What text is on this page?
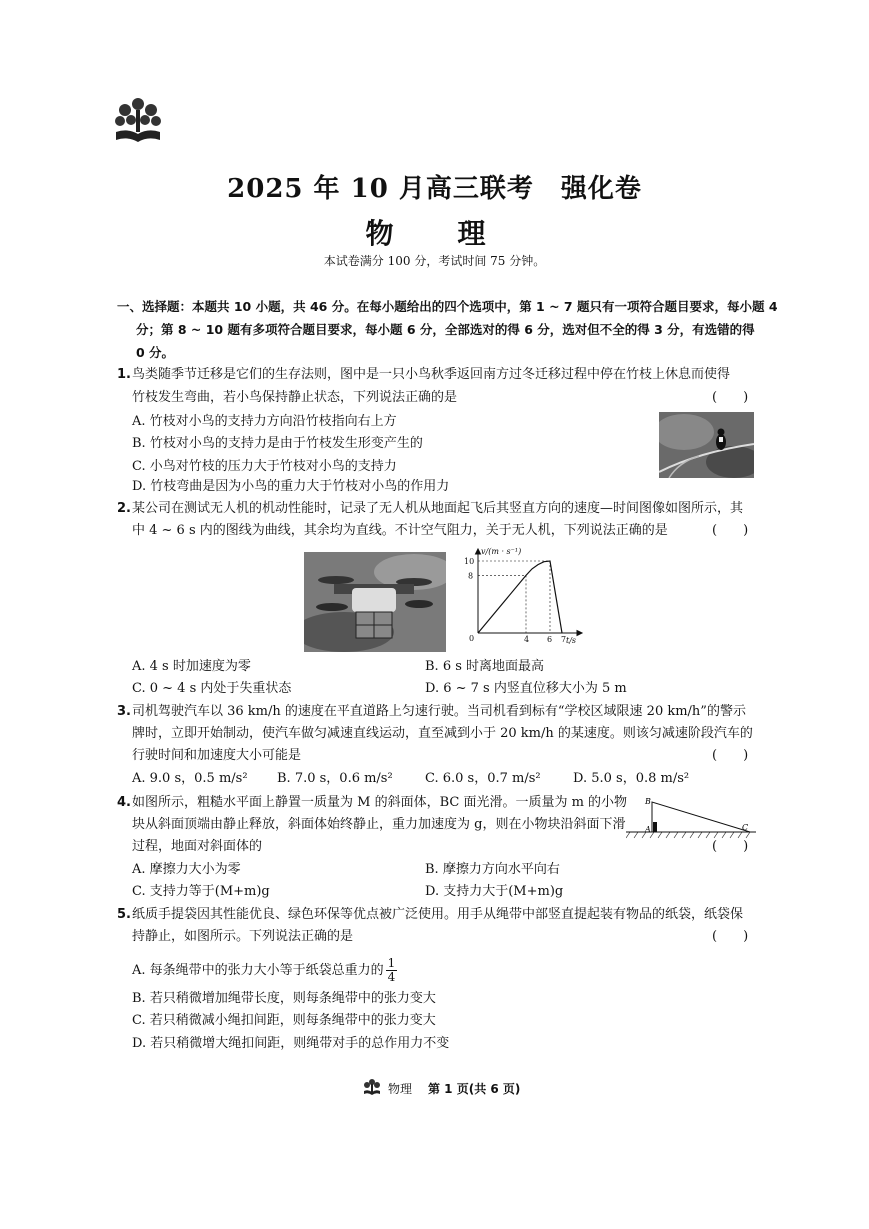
2025 年 10 月高三联考　强化卷
物　理
本试卷满分 100 分，考试时间 75 分钟。
一、选择题：本题共 10 小题，共 46 分。在每小题给出的四个选项中，第 1 ~ 7 题只有一项符合题目要求，每小题 4
分；第 8 ~ 10 题有多项符合题目要求，每小题 6 分，全部选对的得 6 分，选对但不全的得 3 分，有选错的得
0 分。
1. 鸟类随季节迁移是它们的生存法则，图中是一只小鸟秋季返回南方过冬迁移过程中停在竹枝上休息而使得
竹枝发生弯曲，若小鸟保持静止状态，下列说法正确的是	(　　)
A. 竹枝对小鸟的支持力方向沿竹枝指向右上方
B. 竹枝对小鸟的支持力是由于竹枝发生形变产生的
C. 小鸟对竹枝的压力大于竹枝对小鸟的支持力
D. 竹枝弯曲是因为小鸟的重力大于竹枝对小鸟的作用力
2. 某公司在测试无人机的机动性能时，记录了无人机从地面起飞后其竖直方向的速度—时间图像如图所示，其
中 4 ~ 6 s 内的图线为曲线，其余均为直线。不计空气阻力，关于无人机，下列说法正确的是	(　　)
v/(m · s⁻¹)
t/s
0
8
10
4 6 7
A. 4 s 时加速度为零	B. 6 s 时离地面最高
C. 0 ~ 4 s 内处于失重状态	D. 6 ~ 7 s 内竖直位移大小为 5 m
3. 司机驾驶汽车以 36 km/h 的速度在平直道路上匀速行驶。当司机看到标有“学校区域限速 20 km/h”的警示
牌时，立即开始制动，使汽车做匀减速直线运动，直至减到小于 20 km/h 的某速度。则该匀减速阶段汽车的
行驶时间和加速度大小可能是	(　　)
A. 9.0 s，0.5 m/s² B. 7.0 s，0.6 m/s² C. 6.0 s，0.7 m/s² D. 5.0 s，0.8 m/s²
4. 如图所示，粗糙水平面上静置一质量为 M 的斜面体，BC 面光滑。一质量为 m 的小物
块从斜面顶端由静止释放，斜面体始终静止，重力加速度为 g，则在小物块沿斜面下滑
过程，地面对斜面体的	(　　)
B
A	C
A. 摩擦力大小为零	B. 摩擦力方向水平向右
C. 支持力等于(M+m)g	D. 支持力大于(M+m)g
5. 纸质手提袋因其性能优良、绿色环保等优点被广泛使用。用手从绳带中部竖直提起装有物品的纸袋，纸袋保
持静止，如图所示。下列说法正确的是	(　　)
A. 每条绳带中的张力大小等于纸袋总重力的 $\frac{1}{4}$
B. 若只稍微增加绳带长度，则每条绳带中的张力变大
C. 若只稍微减小绳扣间距，则每条绳带中的张力变大
D. 若只稍微增大绳扣间距，则绳带对手的总作用力不变
物理 第 1 页(共 6 页)
